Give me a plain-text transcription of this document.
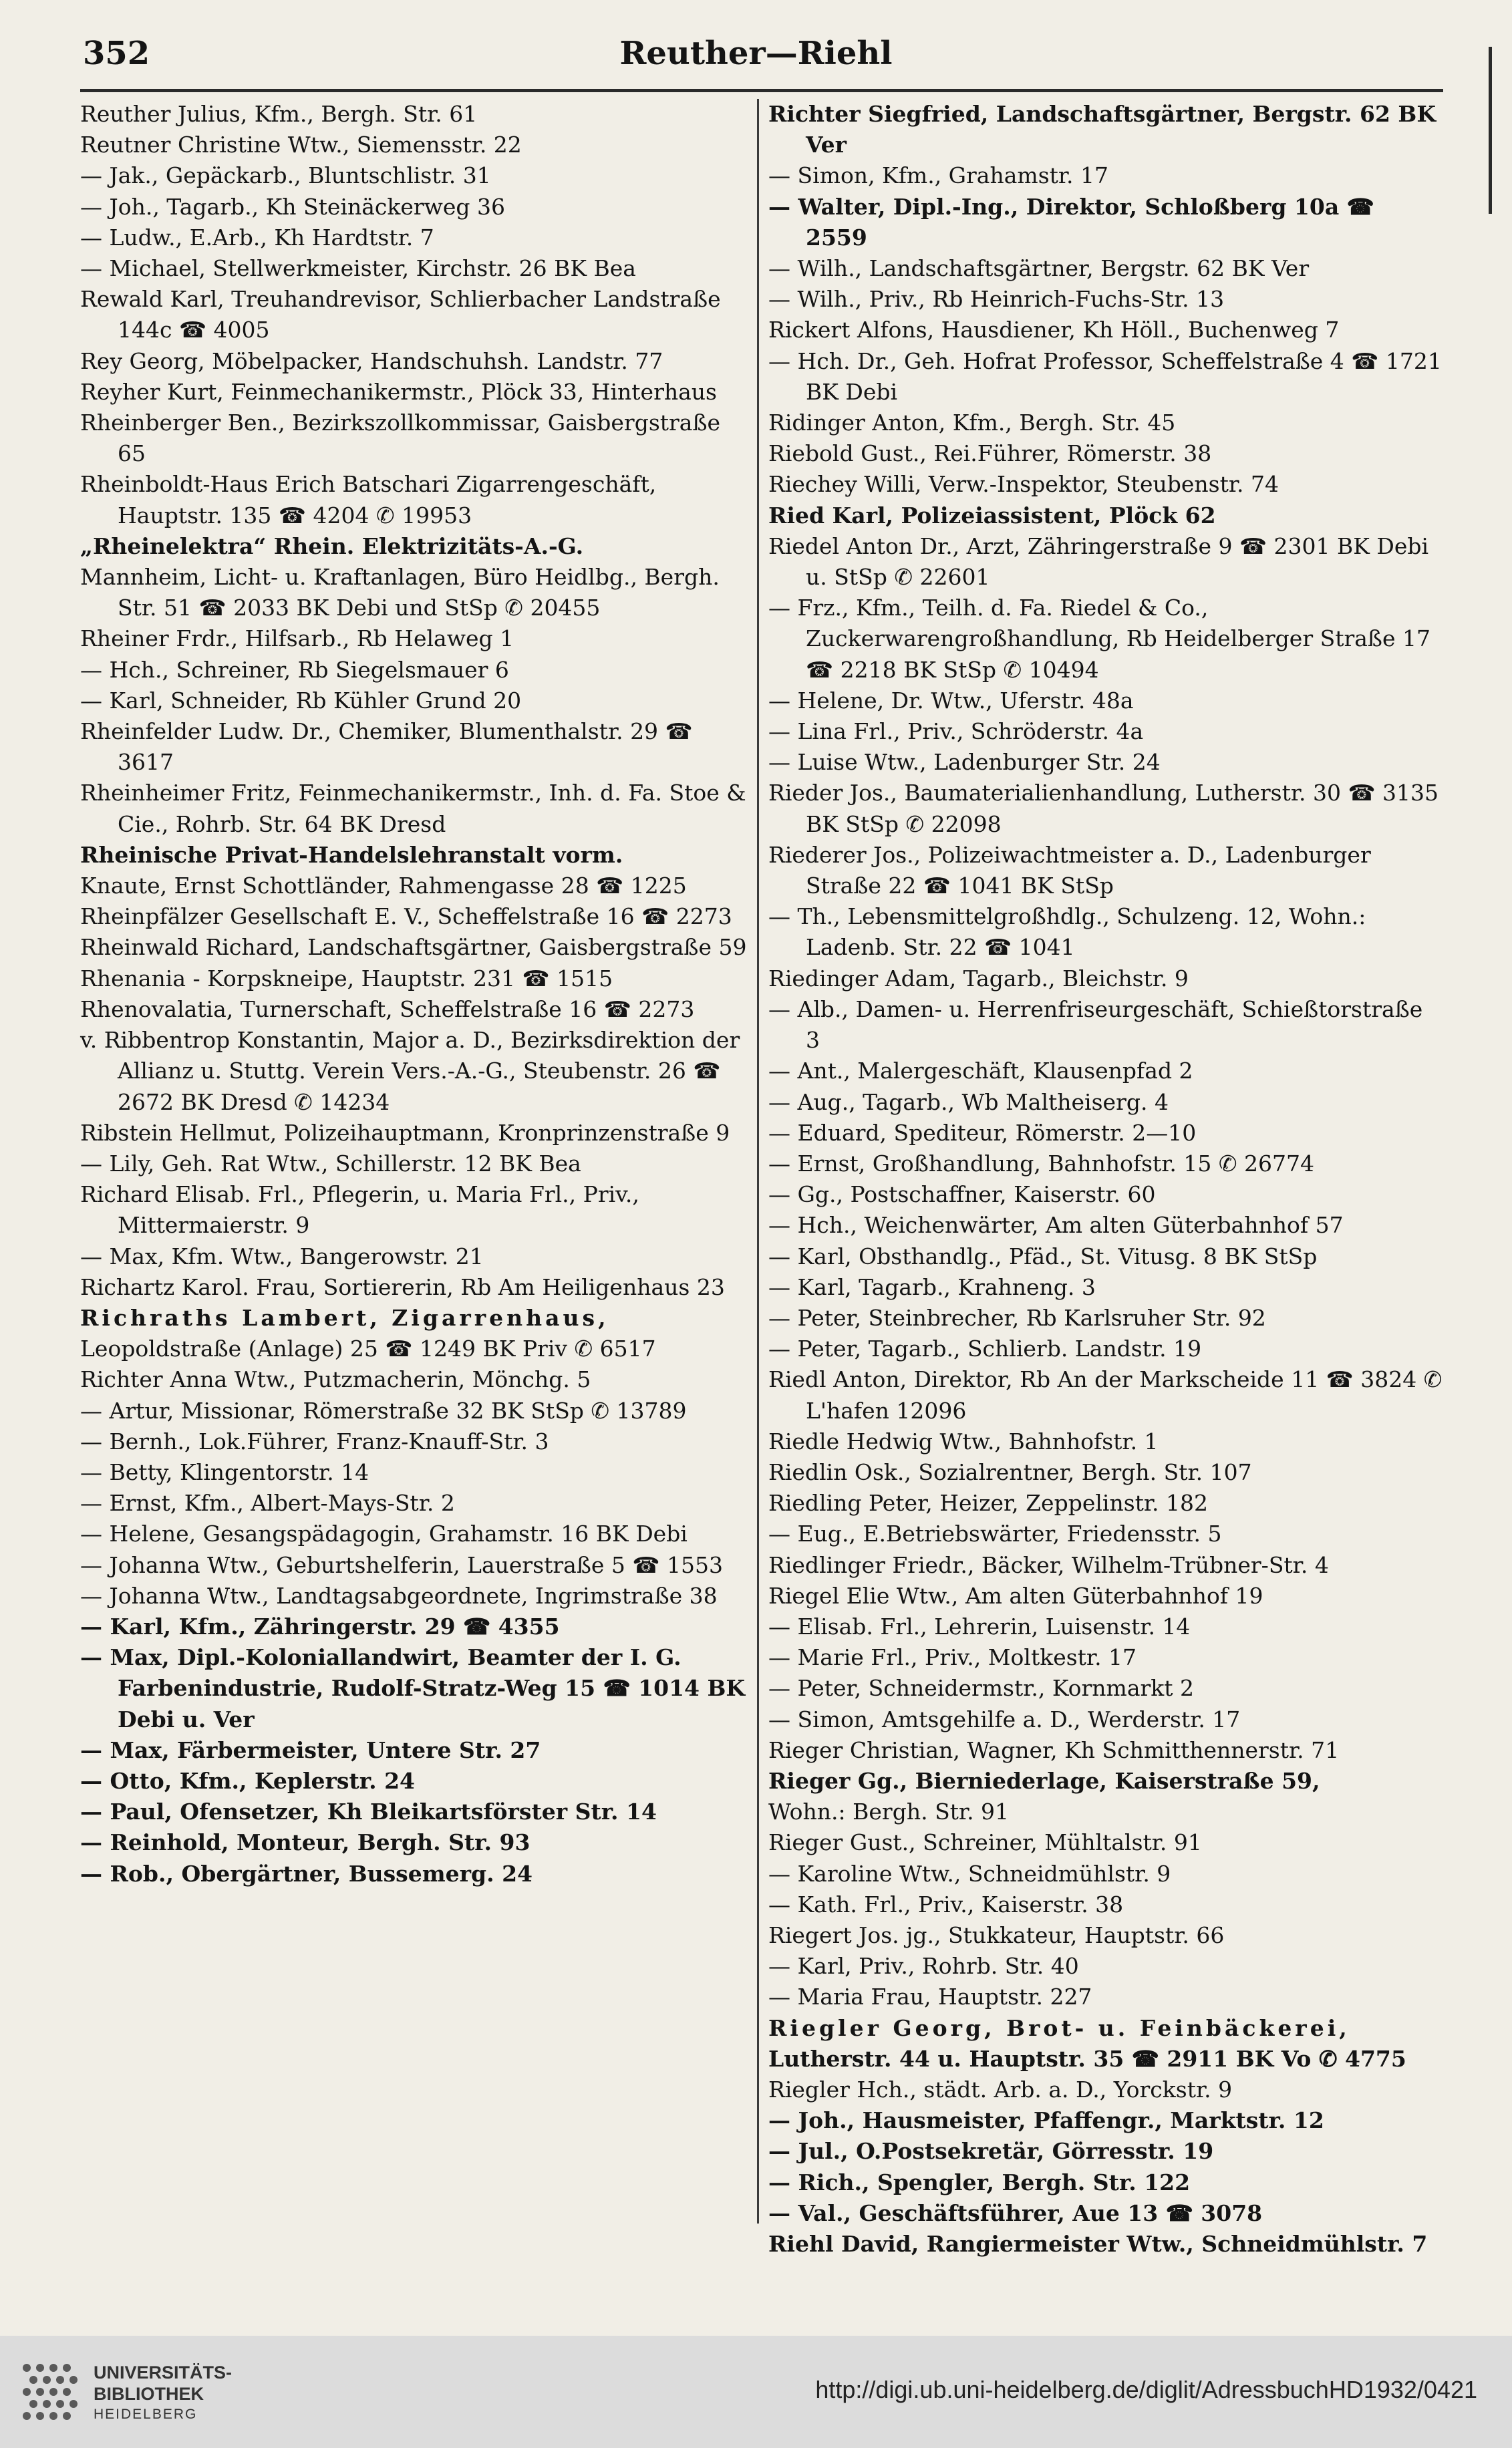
352	Reuther—Riehl

Reuther Julius, Kfm., Bergh. Str. 61

Reutner Christine Wtw., Siemensstr. 22

— Jak., Gepäckarb., Bluntschlistr. 31

— Joh., Tagarb., Kh Steinäckerweg 36

— Ludw., E.Arb., Kh Hardtstr. 7

— Michael, Stellwerkmeister, Kirchstr. 26 BK Bea

Rewald Karl, Treuhandrevisor, Schlierbacher Landstraße 144c ☎ 4005

Rey Georg, Möbelpacker, Handschuhsh. Landstr. 77

Reyher Kurt, Feinmechanikermstr., Plöck 33, Hinterhaus

Rheinberger Ben., Bezirkszollkommissar, Gaisbergstraße 65

Rheinboldt-Haus Erich Batschari Zigarrengeschäft, Hauptstr. 135 ☎ 4204 ✆ 19953

„Rheinelektra“ Rhein. Elektrizitäts-A.-G.

Mannheim, Licht- u. Kraftanlagen, Büro Heidlbg., Bergh. Str. 51 ☎ 2033 BK Debi und StSp ✆ 20455

Rheiner Frdr., Hilfsarb., Rb Helaweg 1

— Hch., Schreiner, Rb Siegelsmauer 6

— Karl, Schneider, Rb Kühler Grund 20

Rheinfelder Ludw. Dr., Chemiker, Blumenthalstr. 29 ☎ 3617

Rheinheimer Fritz, Feinmechanikermstr., Inh. d. Fa. Stoe & Cie., Rohrb. Str. 64 BK Dresd

Rheinische Privat-Handelslehranstalt vorm.

Knaute, Ernst Schottländer, Rahmengasse 28 ☎ 1225

Rheinpfälzer Gesellschaft E. V., Scheffelstraße 16 ☎ 2273

Rheinwald Richard, Landschaftsgärtner, Gaisbergstraße 59

Rhenania - Korpskneipe, Hauptstr. 231 ☎ 1515

Rhenovalatia, Turnerschaft, Scheffelstraße 16 ☎ 2273

v. Ribbentrop Konstantin, Major a. D., Bezirksdirektion der Allianz u. Stuttg. Verein Vers.-A.-G., Steubenstr. 26 ☎ 2672 BK Dresd ✆ 14234

Ribstein Hellmut, Polizeihauptmann, Kronprinzenstraße 9

— Lily, Geh. Rat Wtw., Schillerstr. 12 BK Bea

Richard Elisab. Frl., Pflegerin, u. Maria Frl., Priv., Mittermaierstr. 9

— Max, Kfm. Wtw., Bangerowstr. 21

Richartz Karol. Frau, Sortiererin, Rb Am Heiligenhaus 23

Richraths Lambert, Zigarrenhaus,

Leopoldstraße (Anlage) 25 ☎ 1249 BK Priv ✆ 6517

Richter Anna Wtw., Putzmacherin, Mönchg. 5

— Artur, Missionar, Römerstraße 32 BK StSp ✆ 13789

— Bernh., Lok.Führer, Franz-Knauff-Str. 3

— Betty, Klingentorstr. 14

— Ernst, Kfm., Albert-Mays-Str. 2

— Helene, Gesangspädagogin, Grahamstr. 16 BK Debi

— Johanna Wtw., Geburtshelferin, Lauerstraße 5 ☎ 1553

— Johanna Wtw., Landtagsabgeordnete, Ingrimstraße 38

— Karl, Kfm., Zähringerstr. 29 ☎ 4355

— Max, Dipl.-Koloniallandwirt, Beamter der I. G. Farbenindustrie, Rudolf-Stratz-Weg 15 ☎ 1014 BK Debi u. Ver

— Max, Färbermeister, Untere Str. 27

— Otto, Kfm., Keplerstr. 24

— Paul, Ofensetzer, Kh Bleikartsförster Str. 14

— Reinhold, Monteur, Bergh. Str. 93

— Rob., Obergärtner, Bussemerg. 24

Richter Siegfried, Landschaftsgärtner, Bergstr. 62 BK Ver

— Simon, Kfm., Grahamstr. 17

— Walter, Dipl.-Ing., Direktor, Schloßberg 10a ☎ 2559

— Wilh., Landschaftsgärtner, Bergstr. 62 BK Ver

— Wilh., Priv., Rb Heinrich-Fuchs-Str. 13

Rickert Alfons, Hausdiener, Kh Höll., Buchenweg 7

— Hch. Dr., Geh. Hofrat Professor, Scheffelstraße 4 ☎ 1721 BK Debi

Ridinger Anton, Kfm., Bergh. Str. 45

Riebold Gust., Rei.Führer, Römerstr. 38

Riechey Willi, Verw.-Inspektor, Steubenstr. 74

Ried Karl, Polizeiassistent, Plöck 62

Riedel Anton Dr., Arzt, Zähringerstraße 9 ☎ 2301 BK Debi u. StSp ✆ 22601

— Frz., Kfm., Teilh. d. Fa. Riedel & Co., Zuckerwarengroßhandlung, Rb Heidelberger Straße 17 ☎ 2218 BK StSp ✆ 10494

— Helene, Dr. Wtw., Uferstr. 48a

— Lina Frl., Priv., Schröderstr. 4a

— Luise Wtw., Ladenburger Str. 24

Rieder Jos., Baumaterialienhandlung, Lutherstr. 30 ☎ 3135 BK StSp ✆ 22098

Riederer Jos., Polizeiwachtmeister a. D., Ladenburger Straße 22 ☎ 1041 BK StSp

— Th., Lebensmittelgroßhdlg., Schulzeng. 12, Wohn.: Ladenb. Str. 22 ☎ 1041

Riedinger Adam, Tagarb., Bleichstr. 9

— Alb., Damen- u. Herrenfriseurgeschäft, Schießtorstraße 3

— Ant., Malergeschäft, Klausenpfad 2

— Aug., Tagarb., Wb Maltheiserg. 4

— Eduard, Spediteur, Römerstr. 2—10

— Ernst, Großhandlung, Bahnhofstr. 15 ✆ 26774

— Gg., Postschaffner, Kaiserstr. 60

— Hch., Weichenwärter, Am alten Güterbahnhof 57

— Karl, Obsthandlg., Pfäd., St. Vitusg. 8 BK StSp

— Karl, Tagarb., Krahneng. 3

— Peter, Steinbrecher, Rb Karlsruher Str. 92

— Peter, Tagarb., Schlierb. Landstr. 19

Riedl Anton, Direktor, Rb An der Markscheide 11 ☎ 3824 ✆ L'hafen 12096

Riedle Hedwig Wtw., Bahnhofstr. 1

Riedlin Osk., Sozialrentner, Bergh. Str. 107

Riedling Peter, Heizer, Zeppelinstr. 182

— Eug., E.Betriebswärter, Friedensstr. 5

Riedlinger Friedr., Bäcker, Wilhelm-Trübner-Str. 4

Riegel Elie Wtw., Am alten Güterbahnhof 19

— Elisab. Frl., Lehrerin, Luisenstr. 14

— Marie Frl., Priv., Moltkestr. 17

— Peter, Schneidermstr., Kornmarkt 2

— Simon, Amtsgehilfe a. D., Werderstr. 17

Rieger Christian, Wagner, Kh Schmitthennerstr. 71

Rieger Gg., Bierniederlage, Kaiserstraße 59,

Wohn.: Bergh. Str. 91

Rieger Gust., Schreiner, Mühltalstr. 91

— Karoline Wtw., Schneidmühlstr. 9

— Kath. Frl., Priv., Kaiserstr. 38

Riegert Jos. jg., Stukkateur, Hauptstr. 66

— Karl, Priv., Rohrb. Str. 40

— Maria Frau, Hauptstr. 227

Riegler Georg, Brot- u. Feinbäckerei,

Lutherstr. 44 u. Hauptstr. 35 ☎ 2911 BK Vo ✆ 4775

Riegler Hch., städt. Arb. a. D., Yorckstr. 9

— Joh., Hausmeister, Pfaffengr., Marktstr. 12

— Jul., O.Postsekretär, Görresstr. 19

— Rich., Spengler, Bergh. Str. 122

— Val., Geschäftsführer, Aue 13 ☎ 3078

Riehl David, Rangiermeister Wtw., Schneidmühlstr. 7

UNIVERSITÄTS-
BIBLIOTHEK
HEIDELBERG
http://digi.ub.uni-heidelberg.de/diglit/AdressbuchHD1932/0421
